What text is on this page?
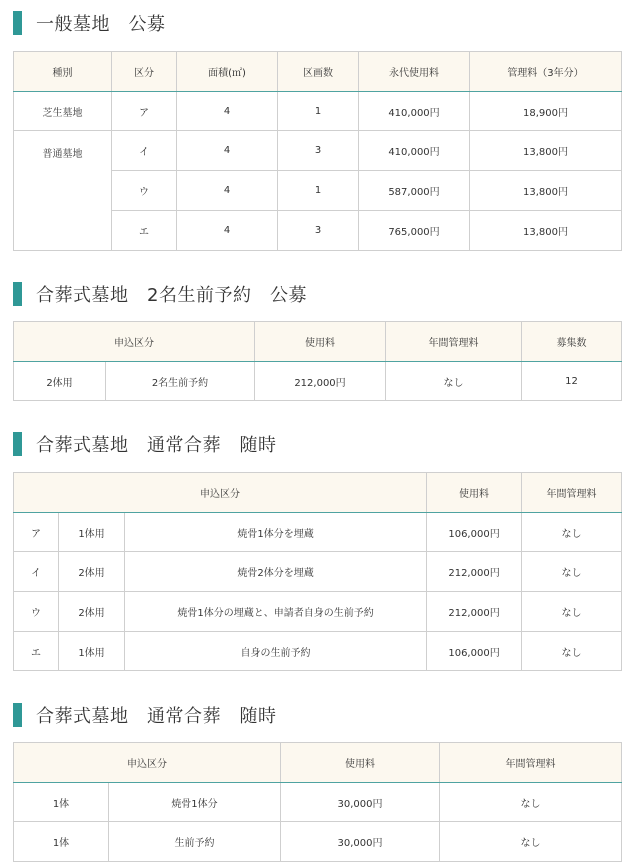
一般墓地　公募
種別	区分	面積(㎡)	区画数	永代使用料	管理料（3年分）
芝生墓地	ア	4	1	410,000円	18,900円
普通墓地	イ	4	3	410,000円	13,800円
	ウ	4	1	587,000円	13,800円
	エ	4	3	765,000円	13,800円
合葬式墓地　2名生前予約　公募
申込区分		使用料	年間管理料	募集数
2体用	2名生前予約	212,000円	なし	12
合葬式墓地　通常合葬　随時
申込区分			使用料	年間管理料
ア	1体用	焼骨1体分を埋蔵	106,000円	なし
イ	2体用	焼骨2体分を埋蔵	212,000円	なし
ウ	2体用	焼骨1体分の埋蔵と、申請者自身の生前予約	212,000円	なし
エ	1体用	自身の生前予約	106,000円	なし
合葬式墓地　通常合葬　随時
申込区分		使用料	年間管理料
1体	焼骨1体分	30,000円	なし
1体	生前予約	30,000円	なし
